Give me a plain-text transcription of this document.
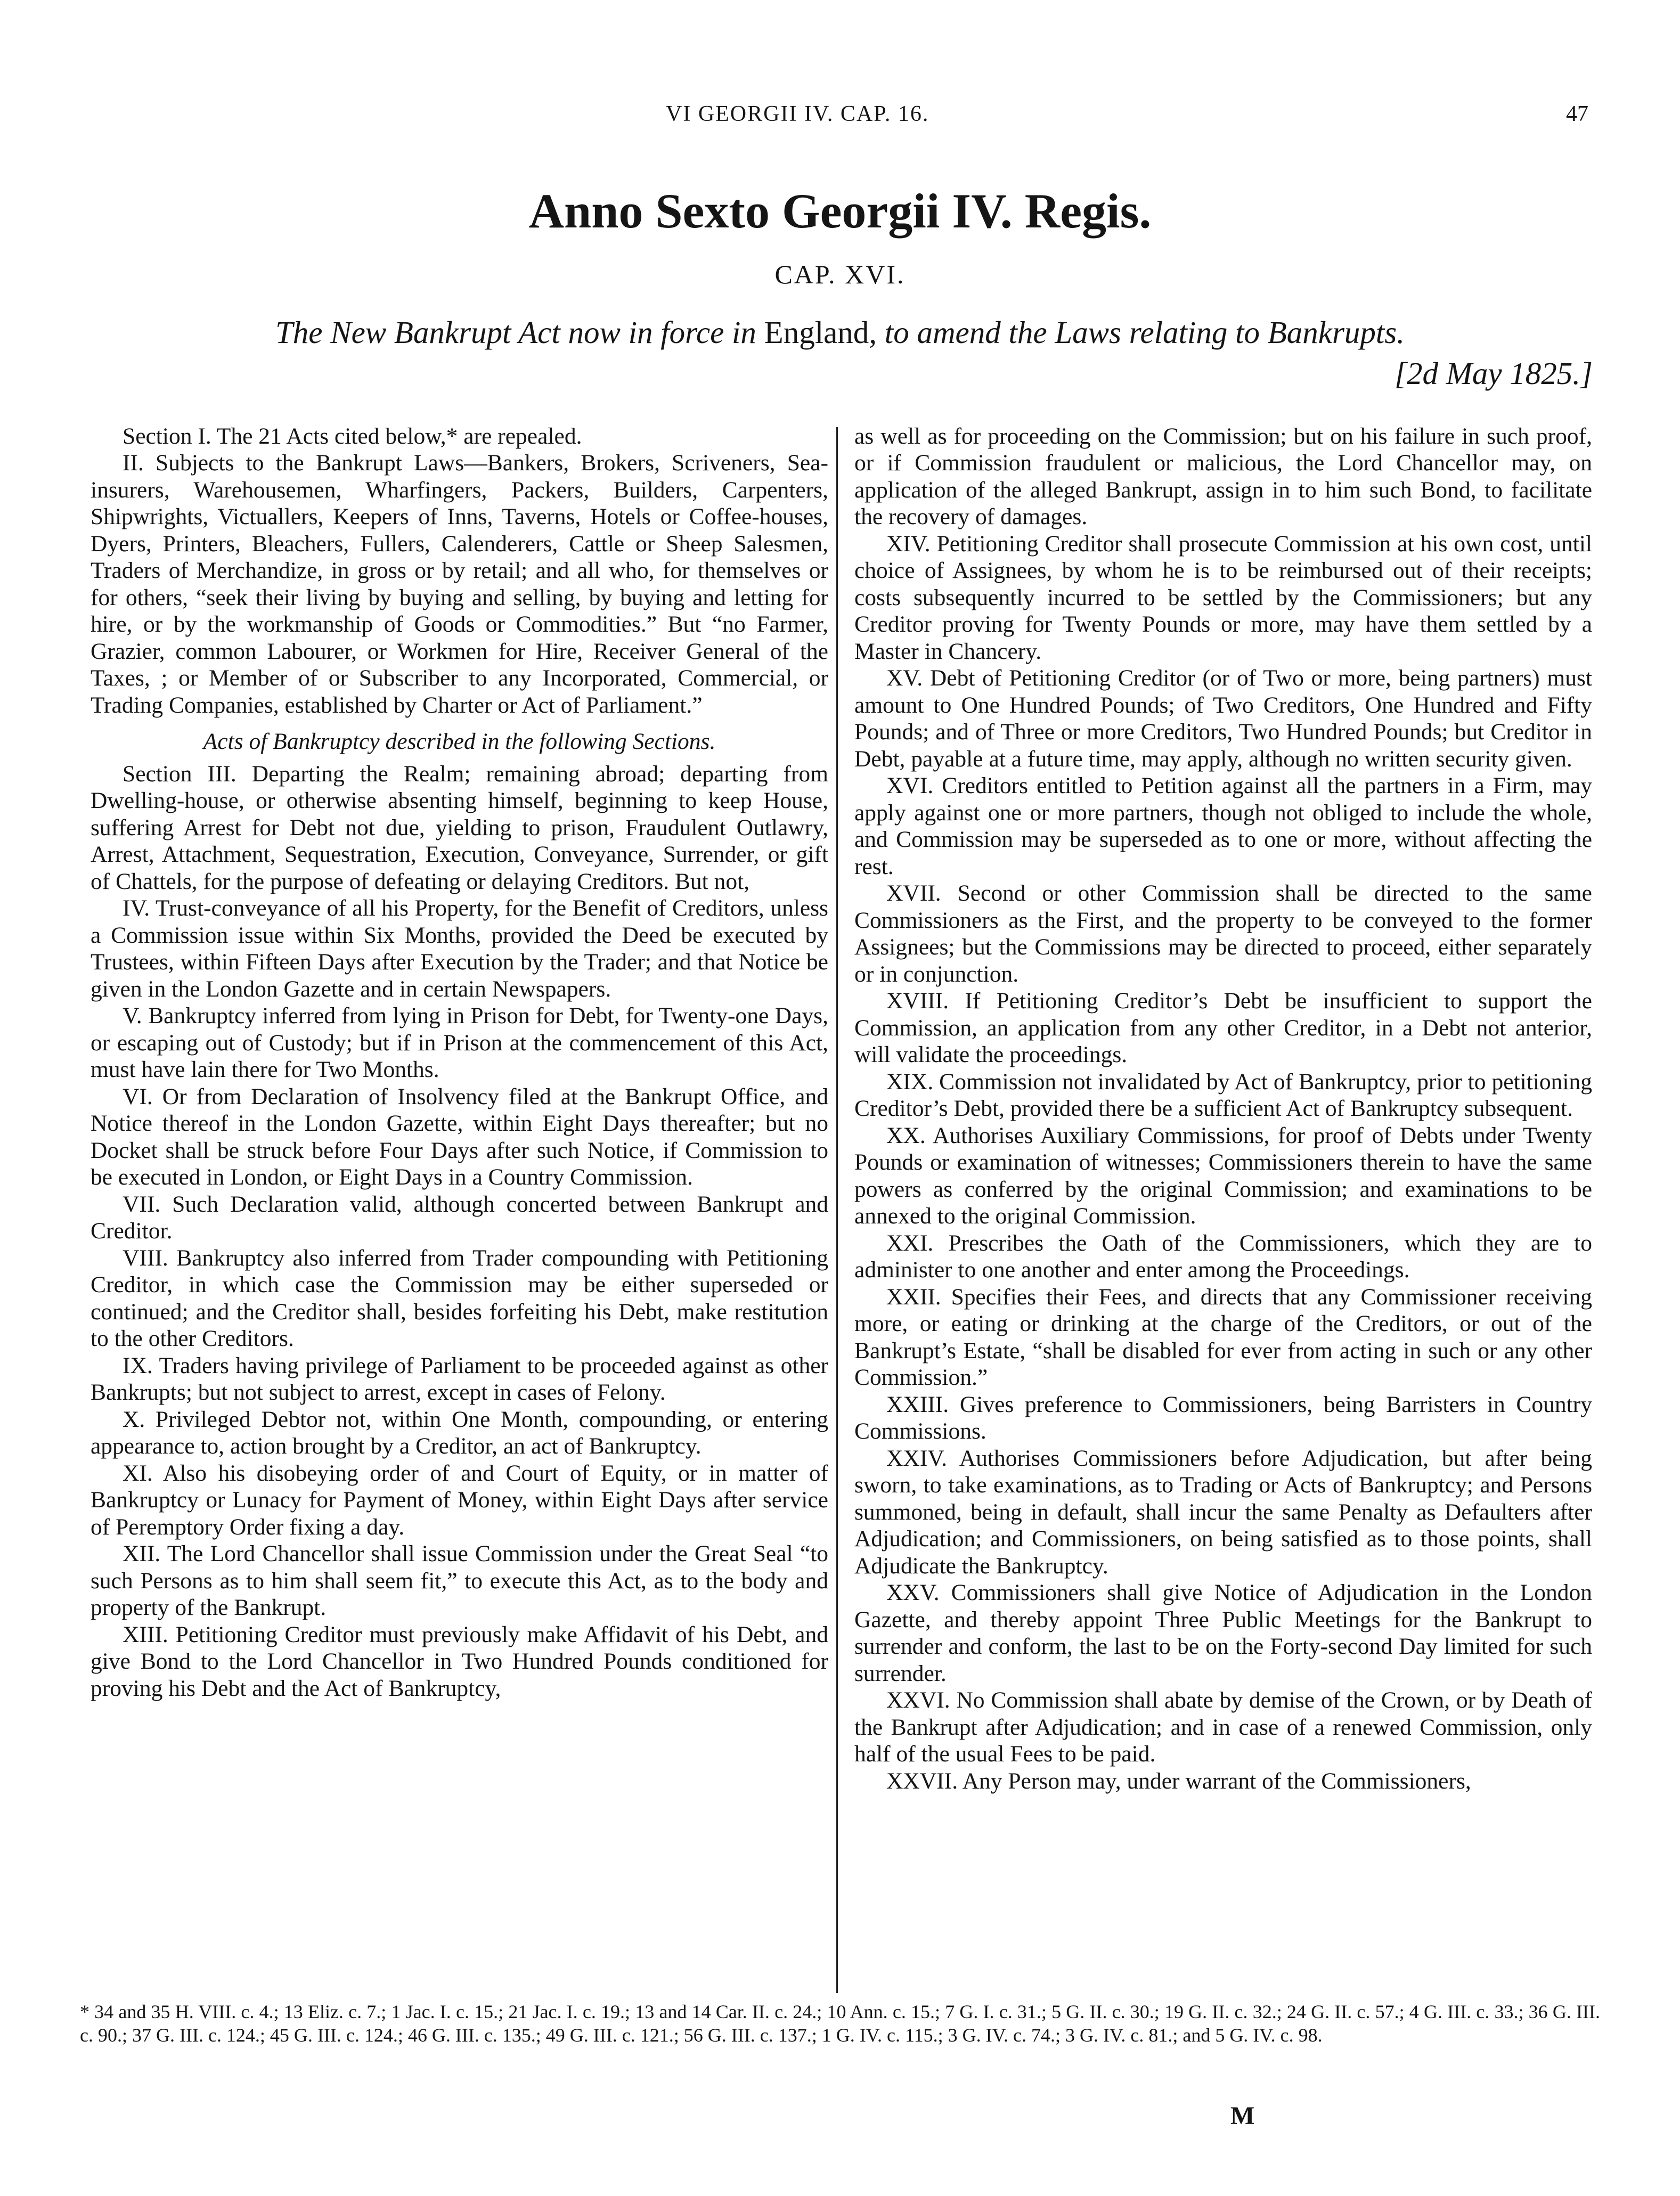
VI GEORGII IV. CAP. 16.	47
Anno Sexto Georgii IV. Regis.
CAP. XVI.
The New Bankrupt Act now in force in England, to amend the Laws relating to Bankrupts.
[2d May 1825.]

Section I. The 21 Acts cited below,* are repealed.

II. Subjects to the Bankrupt Laws—Bankers, Brokers, Scriveners, Sea-insurers, Warehousemen, Wharfingers, Packers, Builders, Carpenters, Shipwrights, Victuallers, Keepers of Inns, Taverns, Hotels or Coffee-houses, Dyers, Printers, Bleachers, Fullers, Calenderers, Cattle or Sheep Salesmen, Traders of Merchandize, in gross or by retail; and all who, for themselves or for others, “seek their living by buying and selling, by buying and letting for hire, or by the workmanship of Goods or Commodities.” But “no Farmer, Grazier, common Labourer, or Workmen for Hire, Receiver General of the Taxes, ; or Member of or Subscriber to any Incorporated, Commercial, or Trading Companies, established by Charter or Act of Parliament.”

Acts of Bankruptcy described in the following Sections.

Section III. Departing the Realm; remaining abroad; departing from Dwelling-house, or otherwise absenting himself, beginning to keep House, suffering Arrest for Debt not due, yielding to prison, Fraudulent Outlawry, Arrest, Attachment, Sequestration, Execution, Conveyance, Surrender, or gift of Chattels, for the purpose of defeating or delaying Creditors. But not,

IV. Trust-conveyance of all his Property, for the Benefit of Creditors, unless a Commission issue within Six Months, provided the Deed be executed by Trustees, within Fifteen Days after Execution by the Trader; and that Notice be given in the London Gazette and in certain Newspapers.

V. Bankruptcy inferred from lying in Prison for Debt, for Twenty-one Days, or escaping out of Custody; but if in Prison at the commencement of this Act, must have lain there for Two Months.

VI. Or from Declaration of Insolvency filed at the Bankrupt Office, and Notice thereof in the London Gazette, within Eight Days thereafter; but no Docket shall be struck before Four Days after such Notice, if Commission to be executed in London, or Eight Days in a Country Commission.

VII. Such Declaration valid, although concerted between Bankrupt and Creditor.

VIII. Bankruptcy also inferred from Trader compounding with Petitioning Creditor, in which case the Commission may be either superseded or continued; and the Creditor shall, besides forfeiting his Debt, make restitution to the other Creditors.

IX. Traders having privilege of Parliament to be proceeded against as other Bankrupts; but not subject to arrest, except in cases of Felony.

X. Privileged Debtor not, within One Month, compounding, or entering appearance to, action brought by a Creditor, an act of Bankruptcy.

XI. Also his disobeying order of and Court of Equity, or in matter of Bankruptcy or Lunacy for Payment of Money, within Eight Days after service of Peremptory Order fixing a day.

XII. The Lord Chancellor shall issue Commission under the Great Seal “to such Persons as to him shall seem fit,” to execute this Act, as to the body and property of the Bankrupt.

XIII. Petitioning Creditor must previously make Affidavit of his Debt, and give Bond to the Lord Chancellor in Two Hundred Pounds conditioned for proving his Debt and the Act of Bankruptcy,

as well as for proceeding on the Commission; but on his failure in such proof, or if Commission fraudulent or malicious, the Lord Chancellor may, on application of the alleged Bankrupt, assign in to him such Bond, to facilitate the recovery of damages.

XIV. Petitioning Creditor shall prosecute Commission at his own cost, until choice of Assignees, by whom he is to be reimbursed out of their receipts; costs subsequently incurred to be settled by the Commissioners; but any Creditor proving for Twenty Pounds or more, may have them settled by a Master in Chancery.

XV. Debt of Petitioning Creditor (or of Two or more, being partners) must amount to One Hundred Pounds; of Two Creditors, One Hundred and Fifty Pounds; and of Three or more Creditors, Two Hundred Pounds; but Creditor in Debt, payable at a future time, may apply, although no written security given.

XVI. Creditors entitled to Petition against all the partners in a Firm, may apply against one or more partners, though not obliged to include the whole, and Commission may be superseded as to one or more, without affecting the rest.

XVII. Second or other Commission shall be directed to the same Commissioners as the First, and the property to be conveyed to the former Assignees; but the Commissions may be directed to proceed, either separately or in conjunction.

XVIII. If Petitioning Creditor’s Debt be insufficient to support the Commission, an application from any other Creditor, in a Debt not anterior, will validate the proceedings.

XIX. Commission not invalidated by Act of Bankruptcy, prior to petitioning Creditor’s Debt, provided there be a sufficient Act of Bankruptcy subsequent.

XX. Authorises Auxiliary Commissions, for proof of Debts under Twenty Pounds or examination of witnesses; Commissioners therein to have the same powers as conferred by the original Commission; and examinations to be annexed to the original Commission.

XXI. Prescribes the Oath of the Commissioners, which they are to administer to one another and enter among the Proceedings.

XXII. Specifies their Fees, and directs that any Commissioner receiving more, or eating or drinking at the charge of the Creditors, or out of the Bankrupt’s Estate, “shall be disabled for ever from acting in such or any other Commission.”

XXIII. Gives preference to Commissioners, being Barristers in Country Commissions.

XXIV. Authorises Commissioners before Adjudication, but after being sworn, to take examinations, as to Trading or Acts of Bankruptcy; and Persons summoned, being in default, shall incur the same Penalty as Defaulters after Adjudication; and Commissioners, on being satisfied as to those points, shall Adjudicate the Bankruptcy.

XXV. Commissioners shall give Notice of Adjudication in the London Gazette, and thereby appoint Three Public Meetings for the Bankrupt to surrender and conform, the last to be on the Forty-second Day limited for such surrender.

XXVI. No Commission shall abate by demise of the Crown, or by Death of the Bankrupt after Adjudication; and in case of a renewed Commission, only half of the usual Fees to be paid.

XXVII. Any Person may, under warrant of the Commissioners,

* 34 and 35 H. VIII. c. 4.; 13 Eliz. c. 7.; 1 Jac. I. c. 15.; 21 Jac. I. c. 19.; 13 and 14 Car. II. c. 24.; 10 Ann. c. 15.; 7 G. I. c. 31.; 5 G. II. c. 30.; 19 G. II. c. 32.; 24 G. II. c. 57.; 4 G. III. c. 33.; 36 G. III. c. 90.; 37 G. III. c. 124.; 45 G. III. c. 124.; 46 G. III. c. 135.; 49 G. III. c. 121.; 56 G. III. c. 137.; 1 G. IV. c. 115.; 3 G. IV. c. 74.; 3 G. IV. c. 81.; and 5 G. IV. c. 98.
M
